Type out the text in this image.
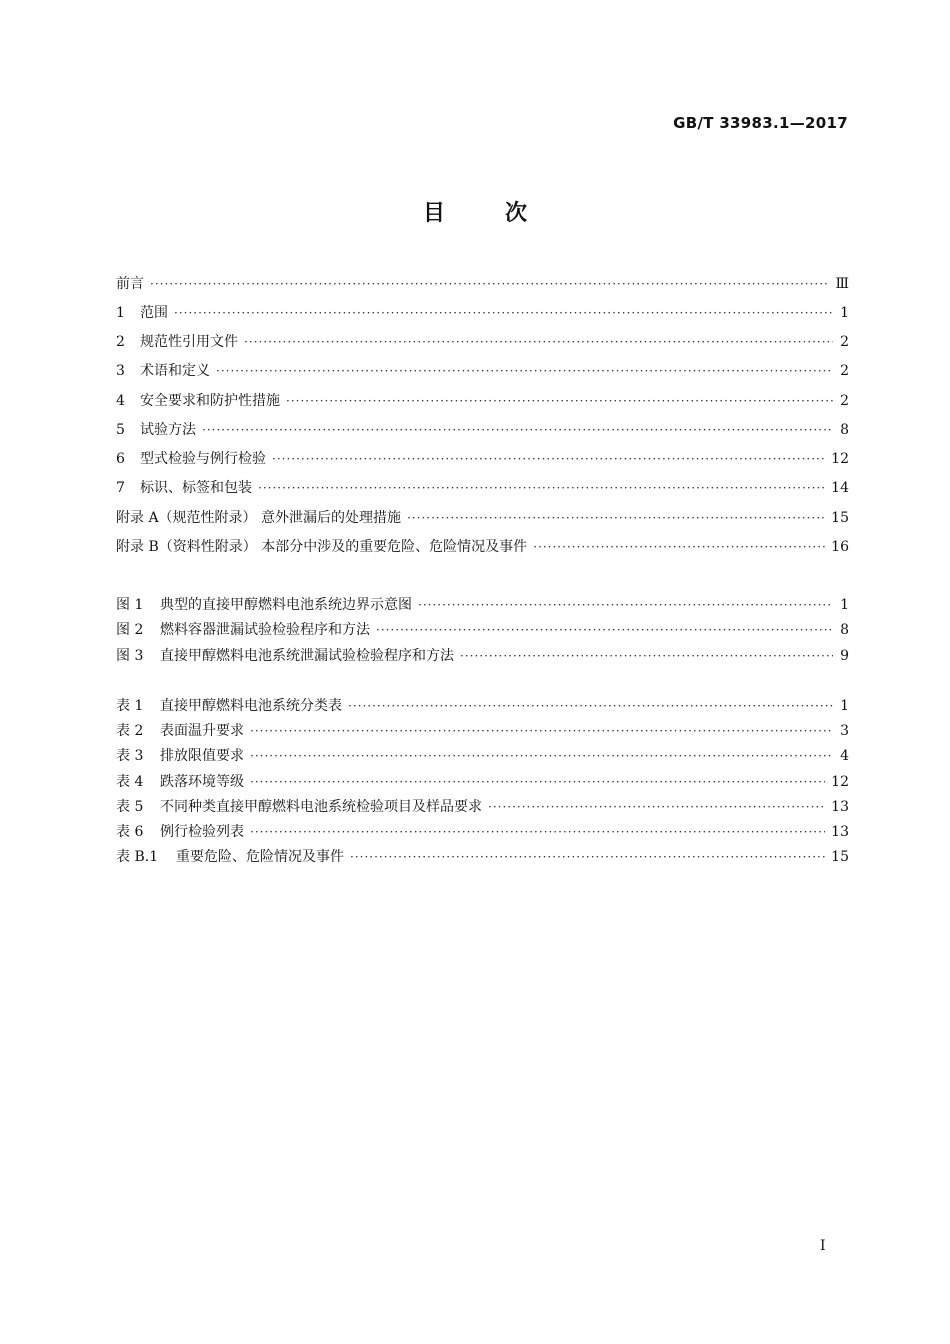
GB/T 33983.1—2017
目	次
前言 ·····	Ⅲ
1	范围 ·····	1
2	规范性引用文件 ·····	2
3	术语和定义 ·····	2
4	安全要求和防护性措施 ·····	2
5	试验方法 ·····	8
6	型式检验与例行检验 ·····	12
7	标识、标签和包装 ·····	14
附录 A（规范性附录） 意外泄漏后的处理措施 ·····	15
附录 B（资料性附录） 本部分中涉及的重要危险、危险情况及事件 ·····	16
图 1	典型的直接甲醇燃料电池系统边界示意图 ·····	1
图 2	燃料容器泄漏试验检验程序和方法 ·····	8
图 3	直接甲醇燃料电池系统泄漏试验检验程序和方法 ·····	9
表 1	直接甲醇燃料电池系统分类表 ·····	1
表 2	表面温升要求 ·····	3
表 3	排放限值要求 ·····	4
表 4	跌落环境等级 ·····	12
表 5	不同种类直接甲醇燃料电池系统检验项目及样品要求 ·····	13
表 6	例行检验列表 ·····	13
表 B.1	重要危险、危险情况及事件 ·····	15
I
